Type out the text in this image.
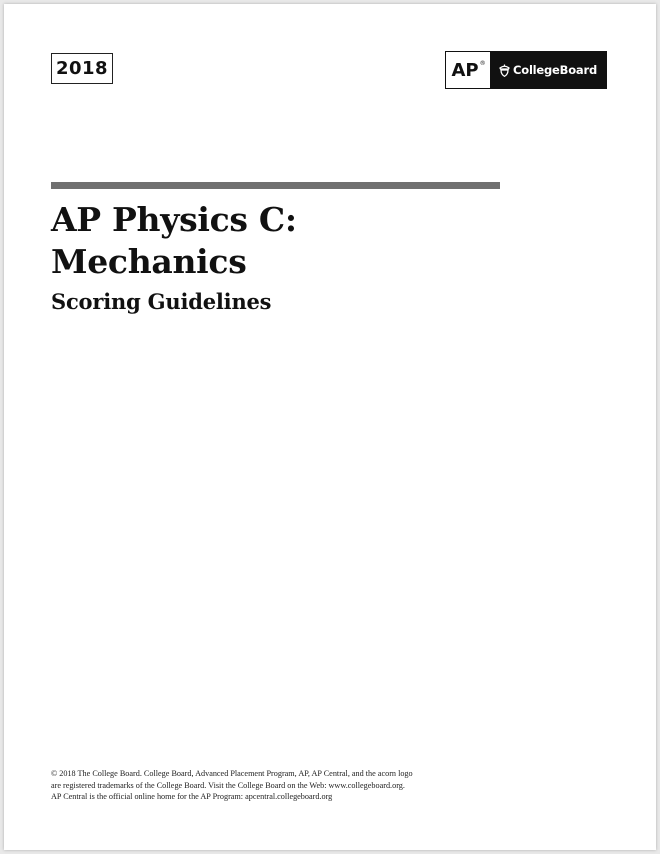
2018	AP ® CollegeBoard
AP Physics C:
Mechanics
Scoring Guidelines

© 2018 The College Board. College Board, Advanced Placement Program, AP, AP Central, and the acorn logo

are registered trademarks of the College Board. Visit the College Board on the Web: www.collegeboard.org.

AP Central is the official online home for the AP Program: apcentral.collegeboard.org
